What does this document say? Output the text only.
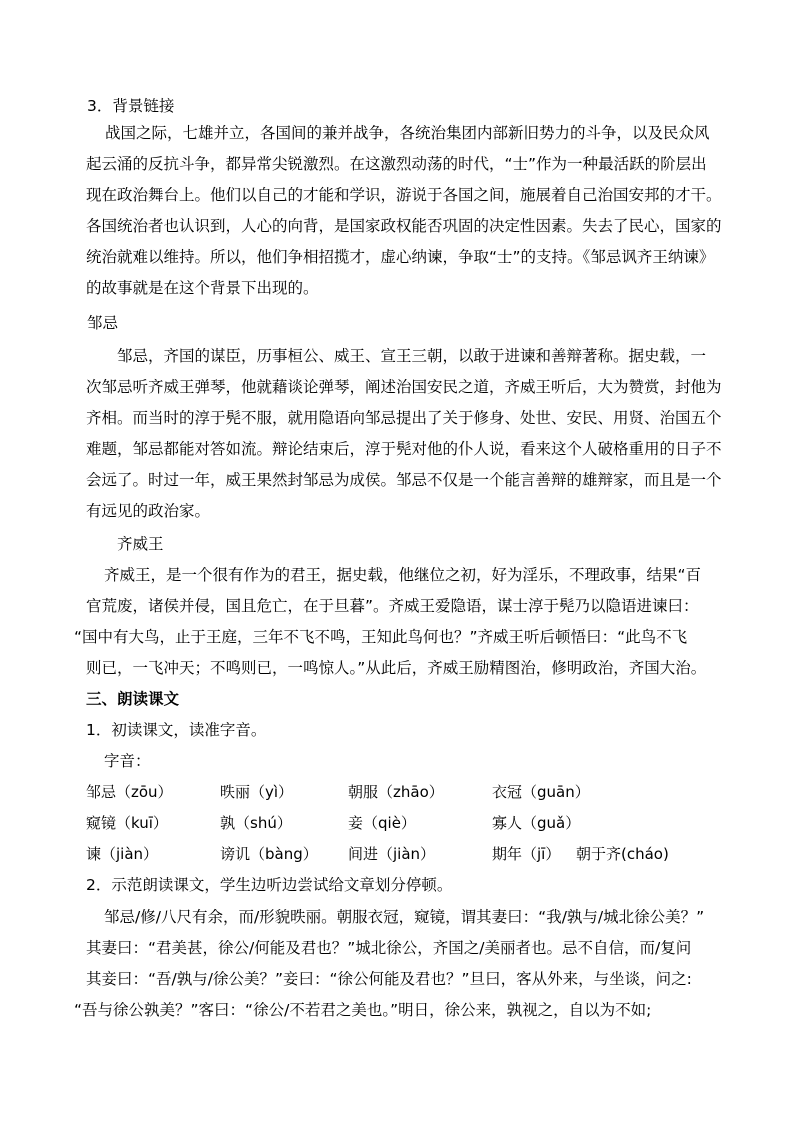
3．背景链接
战国之际，七雄并立，各国间的兼并战争，各统治集团内部新旧势力的斗争，以及民众风
起云涌的反抗斗争，都异常尖锐激烈。在这激烈动荡的时代，“士”作为一种最活跃的阶层出
现在政治舞台上。他们以自己的才能和学识，游说于各国之间，施展着自己治国安邦的才干。
各国统治者也认识到，人心的向背，是国家政权能否巩固的决定性因素。失去了民心，国家的
统治就难以维持。所以，他们争相招揽才，虚心纳谏，争取“士”的支持。《邹忌讽齐王纳谏》
的故事就是在这个背景下出现的。
邹忌
邹忌，齐国的谋臣，历事桓公、威王、宣王三朝，以敢于进谏和善辩著称。据史载，一
次邹忌听齐威王弹琴，他就藉谈论弹琴，阐述治国安民之道，齐威王听后，大为赞赏，封他为
齐相。而当时的淳于髡不服，就用隐语向邹忌提出了关于修身、处世、安民、用贤、治国五个
难题，邹忌都能对答如流。辩论结束后，淳于髡对他的仆人说，看来这个人破格重用的日子不
会远了。时过一年，威王果然封邹忌为成侯。邹忌不仅是一个能言善辩的雄辩家，而且是一个
有远见的政治家。
齐威王
齐威王，是一个很有作为的君王，据史载，他继位之初，好为淫乐，不理政事，结果“百
官荒废，诸侯并侵，国且危亡，在于旦暮”。齐威王爱隐语，谋士淳于髡乃以隐语进谏曰：
“国中有大鸟，止于王庭，三年不飞不鸣，王知此鸟何也？”齐威王听后顿悟曰：“此鸟不飞
则已，一飞冲天；不鸣则已，一鸣惊人。”从此后，齐威王励精图治，修明政治，齐国大治。
三、朗读课文
1．初读课文，读准字音。
字音：
邹忌（zōu）	昳丽（yì）	朝服（zhāo）	衣冠（guān）
窥镜（kuī）	孰（shú）	妾（qiè）	寡人（guǎ）
谏（jiàn）	谤讥（bàng） 间进（jiàn）	期年（jī） 朝于齐(cháo)
2．示范朗读课文，学生边听边尝试给文章划分停顿。
邹忌/修/八尺有余，而/形貌昳丽。朝服衣冠，窥镜，谓其妻曰：“我/孰与/城北徐公美？”
其妻曰：“君美甚，徐公/何能及君也？”城北徐公，齐国之/美丽者也。忌不自信，而/复问
其妾曰：“吾/孰与/徐公美？”妾曰：“徐公何能及君也？”旦曰，客从外来，与坐谈，问之:
“吾与徐公孰美？”客曰：“徐公/不若君之美也。”明日，徐公来，孰视之，自以为不如;
